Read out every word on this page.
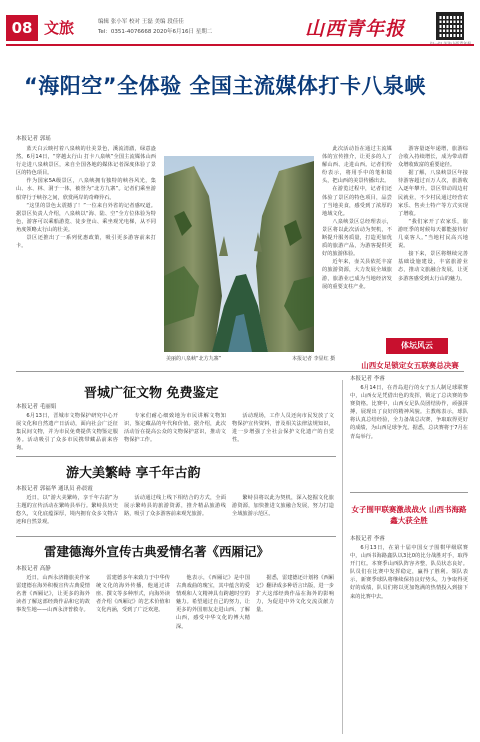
08 文旅	编辑 张小军 校对 王磊 美编 段佳佳
Tel：0351-4076668 2020年6月16日 星期二	山西青年报
“海阳空”全体验 全国主流媒体打卡八泉峡
本报记者 郭瑶

蓝天白云映衬着八泉峡的壮美景色，溪流清澈，绿意盎然。6月14日，“穿越太行山 打卡八泉峡”全国主流媒体山西行走进八泉峡景区，来自全国各地的媒体记者深度体验了景区的特色项目。

作为国家5A级景区，八泉峡拥有独特的峡谷风光，集山、水、林、洞于一体，被誉为“北方九寨”。记者们乘坐游船穿行于峡谷之间，欣赏两岸的奇峰异石。

“这里的景色太震撼了！”一位来自外省的记者感叹道。据景区负责人介绍，八泉峡以“海、陆、空”全方位体验为特色，游客可以乘船游览、徒步登山、乘坐观光电梯，从不同角度领略太行山的壮美。

景区还推出了一系列优惠政策，吸引更多游客前来打卡。

美丽的八泉峡“北方九寨”	本报记者 李显红 摄

此次活动旨在通过主流媒体的宣传推介，让更多的人了解山西、走进山西。记者们纷纷表示，将用手中的笔和镜头，把山西的美景传播出去。

在游览过程中，记者们还体验了景区的特色项目，品尝了当地美食，感受到了浓厚的地域文化。

八泉峡景区总经理表示，景区将以此次活动为契机，不断提升服务质量，打造更加优质的旅游产品，为游客提供更好的旅游体验。

近年来，壶关县依托丰富的旅游资源，大力发展全域旅游，旅游业已成为当地经济发展的重要支柱产业。

游客量逐年递增，旅游综合收入持续增长，成为带动群众增收致富的重要途径。

据了解，八泉峡景区年接待游客超过百万人次，旅游收入逐年攀升。景区带动周边村民就业，不少村民通过经营农家乐、售卖土特产等方式实现了增收。

“我们家开了农家乐，旅游旺季的时候每天都能接待好几桌客人。”当地村民高兴地说。

接下来，景区将继续完善基础设施建设，丰富旅游业态，推动文旅融合发展，让更多游客感受到太行山的魅力。

晋城广征文物 免费鉴定
本报记者 毛丽娟

6月13日，晋城市文物保护研究中心开展文化和自然遗产日活动，面向社会广泛征集民间文物，并为市民免费提供文物鉴定服务。活动吸引了众多市民携带藏品前来咨询。

专家们耐心细致地为市民讲解文物知识，鉴定藏品的年代和价值。据介绍，此次活动旨在提高公众的文物保护意识，推动文物保护工作。

活动现场，工作人员还向市民发放了文物保护宣传资料，普及相关法律法规知识，进一步增强了全社会保护文化遗产的自觉性。

游大美繁峙 享千年古韵
本报记者 郭福华 通讯员 孙晨霞

近日，以“游大美繁峙，享千年古韵”为主题的宣传活动在繁峙县举行。繁峙县历史悠久，文化底蕴深厚，境内拥有众多文物古迹和自然景观。

活动通过线上线下相结合的方式，全面展示繁峙县的旅游资源，推介精品旅游线路，吸引了众多游客前来观光旅游。

繁峙县将以此为契机，深入挖掘文化旅游资源，加快推进文旅融合发展，努力打造全域旅游示范区。

雷建德海外宣传古典爱情名著《西厢记》
本报记者 高静

近日，山西永济籍旅美作家雷建德在海外积极宣传古典爱情名著《西厢记》，让更多的海外读者了解这部经典作品和它的故事发生地——山西永济普救寺。

雷建德多年来致力于中华传统文化的海外传播，他通过讲座、撰文等多种形式，向海外读者介绍《西厢记》的艺术价值和文化内涵，受到了广泛欢迎。

他表示，《西厢记》是中国古典戏曲的瑰宝，其中蕴含的爱情观和人文精神具有跨越时空的魅力。希望通过自己的努力，让更多的外国朋友走进山西、了解山西，感受中华文化的博大精深。

据悉，雷建德还计划将《西厢记》翻译成多种语言出版，进一步扩大这部经典作品在海外的影响力，为促进中外文化交流贡献力量。

体坛风云
山西女足锁定女五联赛总决赛
本报记者 李睿

6月14日，在青岛进行的女子五人制足球联赛中，山西女足凭借出色的发挥，锁定了总决赛的参赛资格。比赛中，山西女足队员团结协作，顽强拼搏，展现出了良好的精神风貌。主教练表示，球队将认真总结经验，全力备战总决赛，争取取得更好的成绩，为山西足球争光。据悉，总决赛将于7月在青岛举行。

女子围甲联赛激战战火 山西书海路鑫大获全胜
本报记者 李睿

6月13日，在第十届中国女子围棋甲级联赛中，山西书海路鑫队以3比0的比分战胜对手，取得开门红。本赛季山西队阵容齐整，队员状态良好。队员们在比赛中发挥稳定，赢得了胜利。领队表示，新赛季球队将继续保持良好势头，力争取得更好的成绩，队员们将以更加饱满的热情投入到接下来的比赛中去。
